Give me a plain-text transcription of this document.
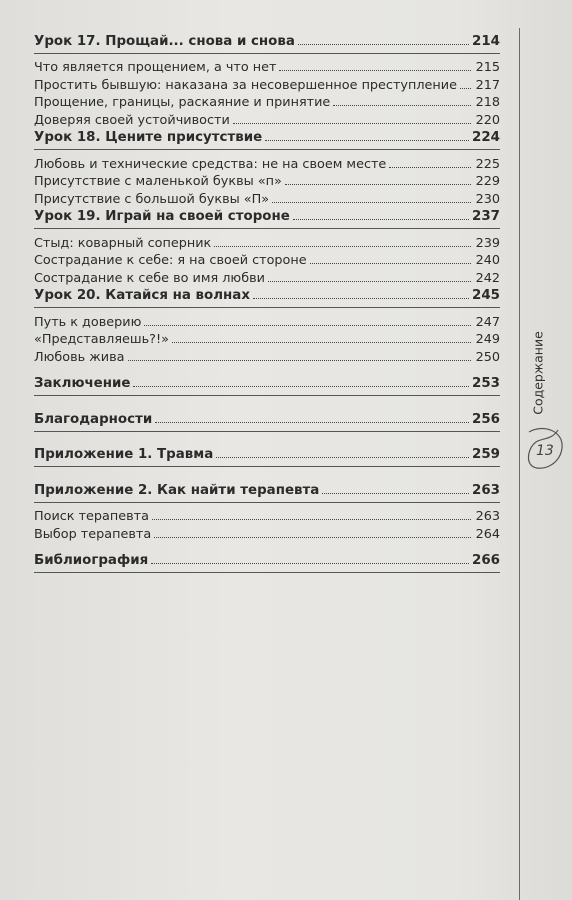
Урок 17. Прощай... снова и снова	214
Что является прощением, а что нет	215
Простить бывшую: наказана за несовершенное преступление 217
Прощение, границы, раскаяние и принятие	218
Доверяя своей устойчивости	220
Урок 18. Цените присутствие	224
Любовь и технические средства: не на своем месте	225
Присутствие с маленькой буквы «п»	229
Присутствие с большой буквы «П»	230
Урок 19. Играй на своей стороне	237
Стыд: коварный соперник	239
Сострадание к себе: я на своей стороне	240
Сострадание к себе во имя любви	242
Урок 20. Катайся на волнах	245
Путь к доверию	247
«Представляешь?!»	249
Любовь жива	250
Заключение	253
Благодарности	256
Приложение 1. Травма	259
Приложение 2. Как найти терапевта	263
Поиск терапевта	263
Выбор терапевта	264
Библиография	266
Содержание
13
